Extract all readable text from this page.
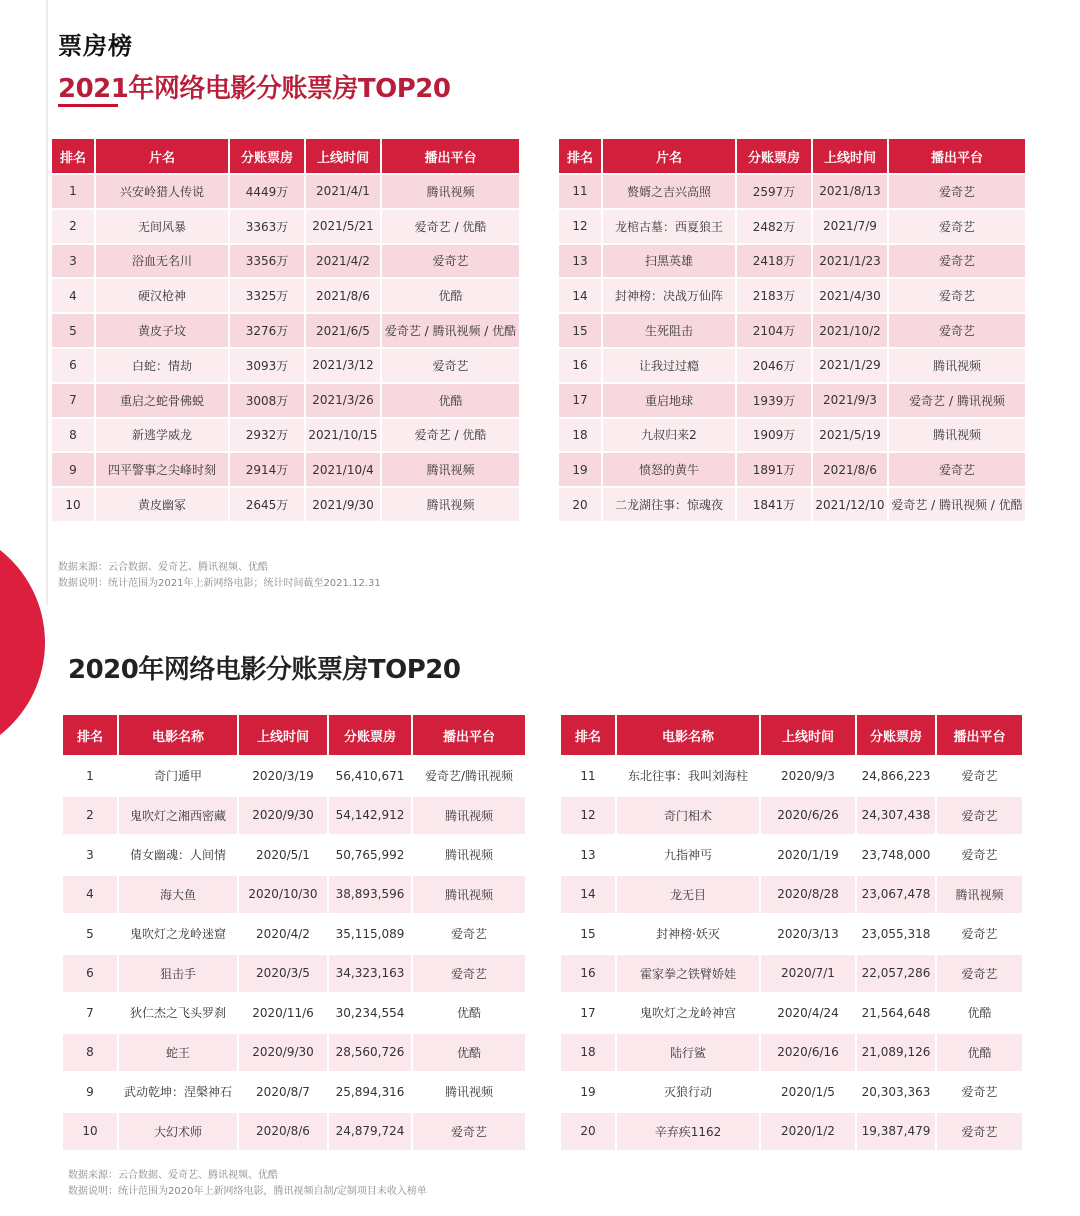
票房榜
2021年网络电影分账票房TOP20
排名	片名	分账票房	上线时间	播出平台
1	兴安岭猎人传说	4449万	2021/4/1	腾讯视频
2	无间风暴	3363万	2021/5/21	爱奇艺 / 优酷
3	浴血无名川	3356万	2021/4/2	爱奇艺
4	硬汉枪神	3325万	2021/8/6	优酷
5	黄皮子坟	3276万	2021/6/5	爱奇艺 / 腾讯视频 / 优酷
6	白蛇：情劫	3093万	2021/3/12	爱奇艺
7	重启之蛇骨佛蜕	3008万	2021/3/26	优酷
8	新逃学威龙	2932万	2021/10/15	爱奇艺 / 优酷
9	四平警事之尖峰时刻	2914万	2021/10/4	腾讯视频
10	黄皮幽冢	2645万	2021/9/30	腾讯视频
排名	片名	分账票房	上线时间	播出平台
11	赘婿之吉兴高照	2597万	2021/8/13	爱奇艺
12	龙棺古墓：西夏狼王	2482万	2021/7/9	爱奇艺
13	扫黑英雄	2418万	2021/1/23	爱奇艺
14	封神榜：决战万仙阵	2183万	2021/4/30	爱奇艺
15	生死阻击	2104万	2021/10/2	爱奇艺
16	让我过过瘾	2046万	2021/1/29	腾讯视频
17	重启地球	1939万	2021/9/3	爱奇艺 / 腾讯视频
18	九叔归来2	1909万	2021/5/19	腾讯视频
19	愤怒的黄牛	1891万	2021/8/6	爱奇艺
20	二龙湖往事：惊魂夜	1841万	2021/12/10	爱奇艺 / 腾讯视频 / 优酷
数据来源：云合数据、爱奇艺、腾讯视频、优酷
数据说明：统计范围为2021年上新网络电影；统计时间截至2021.12.31
2020年网络电影分账票房TOP20
排名	电影名称	上线时间	分账票房	播出平台
1	奇门遁甲	2020/3/19	56,410,671	爱奇艺/腾讯视频
2	鬼吹灯之湘西密藏	2020/9/30	54,142,912	腾讯视频
3	倩女幽魂：人间情	2020/5/1	50,765,992	腾讯视频
4	海大鱼	2020/10/30	38,893,596	腾讯视频
5	鬼吹灯之龙岭迷窟	2020/4/2	35,115,089	爱奇艺
6	狙击手	2020/3/5	34,323,163	爱奇艺
7	狄仁杰之飞头罗刹	2020/11/6	30,234,554	优酷
8	蛇王	2020/9/30	28,560,726	优酷
9	武动乾坤：涅槃神石	2020/8/7	25,894,316	腾讯视频
10	大幻术师	2020/8/6	24,879,724	爱奇艺
排名	电影名称	上线时间	分账票房	播出平台
11	东北往事：我叫刘海柱	2020/9/3	24,866,223	爱奇艺
12	奇门相术	2020/6/26	24,307,438	爱奇艺
13	九指神丐	2020/1/19	23,748,000	爱奇艺
14	龙无目	2020/8/28	23,067,478	腾讯视频
15	封神榜·妖灭	2020/3/13	23,055,318	爱奇艺
16	霍家拳之铁臂娇娃	2020/7/1	22,057,286	爱奇艺
17	鬼吹灯之龙岭神宫	2020/4/24	21,564,648	优酷
18	陆行鲨	2020/6/16	21,089,126	优酷
19	灭狼行动	2020/1/5	20,303,363	爱奇艺
20	辛弃疾1162	2020/1/2	19,387,479	爱奇艺
数据来源：云合数据、爱奇艺、腾讯视频、优酷
数据说明：统计范围为2020年上新网络电影，腾讯视频自制/定制项目未收入榜单
